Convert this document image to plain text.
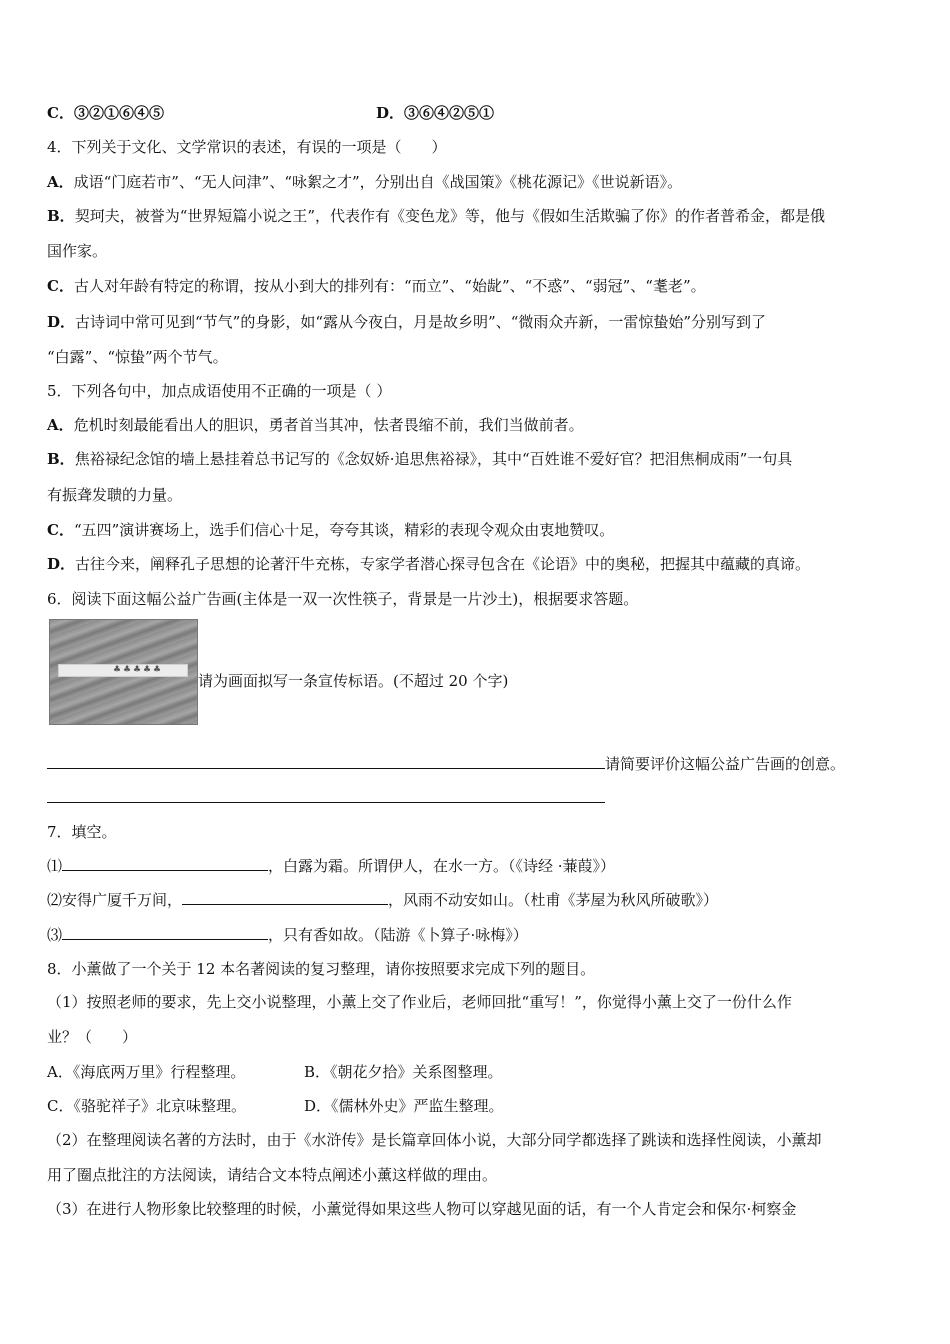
C．③②①⑥④⑤	D．③⑥④②⑤①
4．下列关于文化、文学常识的表述，有误的一项是（　　）
A．成语“门庭若市”、“无人问津”、“咏絮之才”，分别出自《战国策》《桃花源记》《世说新语》。
B．契珂夫，被誉为“世界短篇小说之王”，代表作有《变色龙》等，他与《假如生活欺骗了你》的作者普希金，都是俄
国作家。
C．古人对年龄有特定的称谓，按从小到大的排列有：“而立”、“始龀”、“不惑”、“弱冠”、“耄老”。
D．古诗词中常可见到“节气”的身影，如“露从今夜白，月是故乡明”、“微雨众卉新，一雷惊蛰始”分别写到了
“白露”、“惊蛰”两个节气。
5．下列各句中，加点成语使用不正确的一项是（ ）
A．危机时刻最能看出人的胆识，勇者首当其冲，怯者畏缩不前，我们当做前者。
B．焦裕禄纪念馆的墙上悬挂着总书记写的《念奴娇·追思焦裕禄》，其中“百姓谁不爱好官？把泪焦桐成雨”一句具
有振聋发聩的力量。
C．“五四”演讲赛场上，选手们信心十足，夸夸其谈，精彩的表现令观众由衷地赞叹。
D．古往今来，阐释孔子思想的论著汗牛充栋，专家学者潜心探寻包含在《论语》中的奥秘，把握其中蕴藏的真谛。
6．阅读下面这幅公益广告画(主体是一双一次性筷子，背景是一片沙土)，根据要求答题。
♣ ♣ ♣ ♣ ♣
请为画面拟写一条宣传标语。(不超过 20 个字)
请简要评价这幅公益广告画的创意。
7．填空。
⑴	，白露为霜。所谓伊人，在水一方。（《诗经 ·蒹葭》）
⑵安得广厦千万间，	，风雨不动安如山。（杜甫《茅屋为秋风所破歌》）
⑶	，只有香如故。（陆游《卜算子·咏梅》）
8．小薰做了一个关于 12 本名著阅读的复习整理，请你按照要求完成下列的题目。
（1）按照老师的要求，先上交小说整理，小薰上交了作业后，老师回批“重写！”，你觉得小薰上交了一份什么作
业？（　　）
A．《海底两万里》行程整理。	B．《朝花夕拾》关系图整理。
C．《骆驼祥子》北京味整理。	D．《儒林外史》严监生整理。
（2）在整理阅读名著的方法时，由于《水浒传》是长篇章回体小说，大部分同学都选择了跳读和选择性阅读，小薰却
用了圈点批注的方法阅读，请结合文本特点阐述小薰这样做的理由。
（3）在进行人物形象比较整理的时候，小薰觉得如果这些人物可以穿越见面的话，有一个人肯定会和保尔·柯察金
